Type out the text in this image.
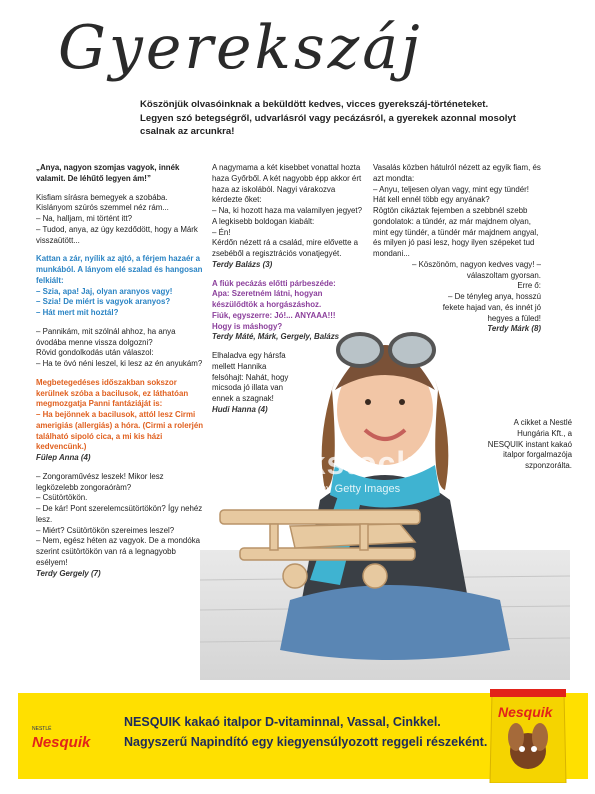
Gyerekszáj
Köszönjük olvasóinknak a beküldött kedves, vicces gyerekszáj-történeteket. Legyen szó betegségről, udvarlásról vagy pecázásról, a gyerekek azonnal mosolyt csalnak az arcunkra!

„Anya, nagyon szomjas vagyok, innék valamit. De léhűtő legyen ám!”

Kisfiam sírásra bemegyek a szobába. Kislányom szúrós szemmel néz rám...
– Na, halljam, mi történt itt?

– Tudod, anya, az úgy kezdődött, hogy a Márk visszaütött...

Kattan a zár, nyílik az ajtó, a férjem hazaér a munkából. A lányom elé szalad és hangosan felkiált:
– Szia, apa! Jaj, olyan aranyos vagy!
– Szia! De miért is vagyok aranyos?

– Hát mert mit hoztál?

– Pannikám, mit szólnál ahhoz, ha anya óvodába menne vissza dolgozni?
Rövid gondolkodás után válaszol:

– Ha te övó néni leszel, ki lesz az én anyukám?

Megbetegedéses időszakban sokszor kerülnek szóba a bacilusok, ez láthatóan megmozgatja Panni fantáziáját is:
– Ha bejönnek a bacilusok, attól lesz Cirmi amerigiás (allergiás) a hóra. (Cirmi a rolerjén található sipoló cica, a mi kis házi kedvencünk.)

Fülep Anna (4)

– Zongoraművész leszek! Mikor lesz legközelebb zongoraóràm?
– Csütörtökön.
– De kár! Pont szerelemcsütörtökön? Így nehéz lesz.
– Miért? Csütörtökön szereimes leszel?
– Nem, egész héten az vagyok. De a mondóka szerint csütörtökön van rá a legnagyobb esélyem!
Terdy Gergely (7)
A nagymama a két kisebbet vonattal hozta haza Győrből. A két nagyobb épp akkor ért haza az iskolából. Nagyi várakozva kérdezte őket:
– Na, ki hozott haza ma valamilyen jegyet?
A legkisebb boldogan kiabált:
– Én!
Kérdőn nézett rá a család, mire elővette a zsebéből a regisztrációs vonatjegyét.

Terdy Balázs (3)

A fiúk pecázás előtti párbeszéde:
Apa: Szeretném látni, hogyan készülődtök a horgászáshoz.
Fiúk, egyszerre: Jó!... ANYAAA!!!
Hogy is máshogy?

Terdy Máté, Márk, Gergely, Balázs

Elhaladva egy hársfa mellett Hannika felsóhajt: Nahát, hogy micsoda jó illata van ennek a szagnak!
Hudi Hanna (4)
Vasalás közben hátulról nézett az egyik fiam, és azt mondta:
– Anyu, teljesen olyan vagy, mint egy tündér!
Hát kell ennél több egy anyának?
Rögtön cikáztak fejemben a szebbnél szebb gondolatok: a tündér, az már majdnem olyan, mint egy tündér, a tündér már majdnem angyal, és milyen jó pasi lesz, hogy ilyen szépeket tud mondani...
– Köszönöm, nagyon kedves vagy! – válaszoltam gyorsan.
Erre ő:
– De tényleg anya, hosszú fekete hajad van, és innét jó hegyes a füled!
Terdy Márk (8)
thinkstock
by Getty Images
A cikket a Nestlé Hungária Kft., a NESQUIK instant kakaó italpor forgalmazója szponzorálta.
NESTLÉ
Nesquik
NESQUIK kakaó italpor D-vitaminnal, Vassal, Cinkkel.
Nagyszerű Napindító egy kiegyensúlyozott reggeli részeként.
Nesquik
